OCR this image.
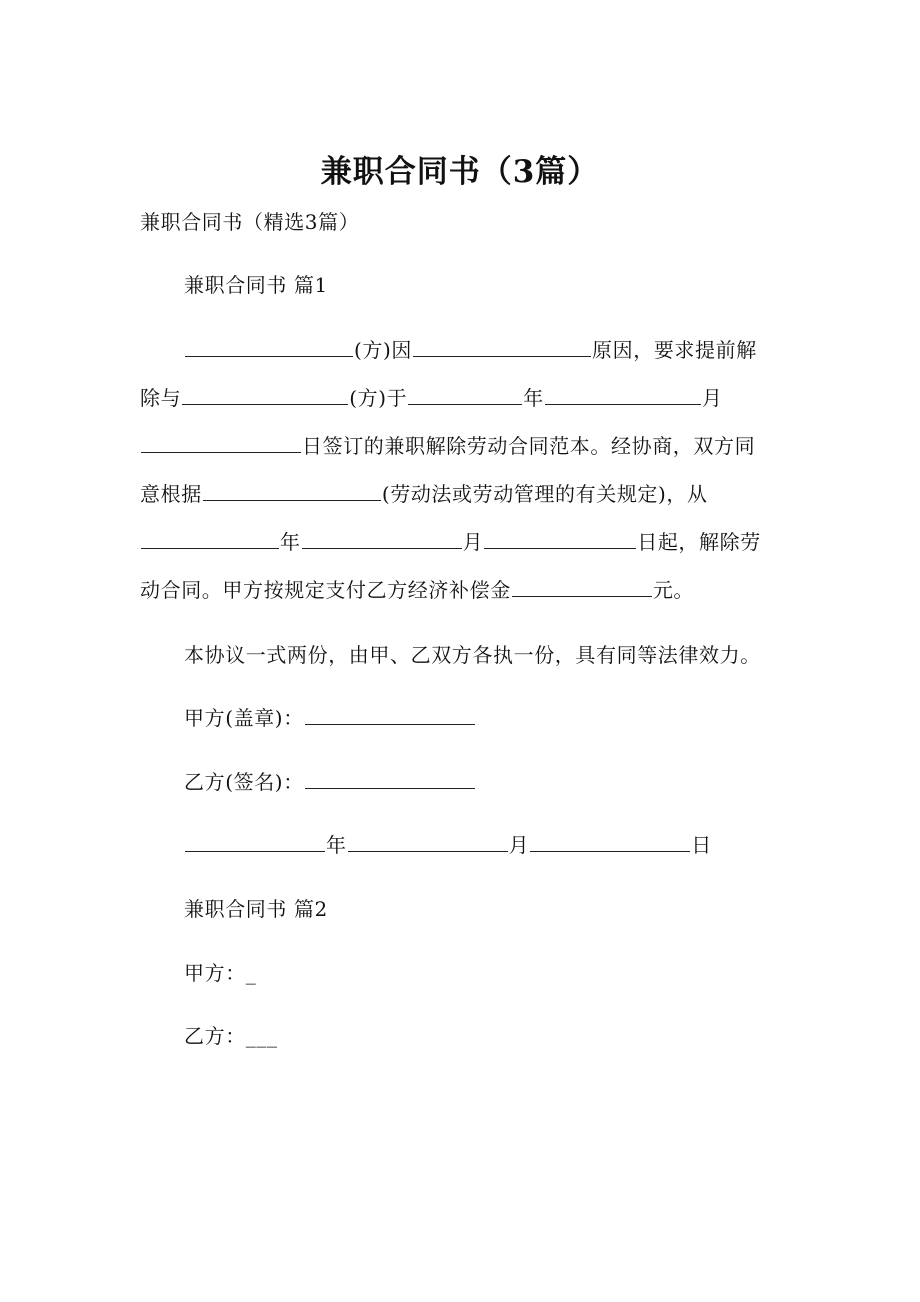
兼职合同书（3篇）
兼职合同书（精选3篇）
兼职合同书 篇1
(方)因	原因，要求提前解
除与	(方)于	年	月
日签订的兼职解除劳动合同范本。经协商，双方同
意根据	(劳动法或劳动管理的有关规定)，从
年	月	日起，解除劳
动合同。甲方按规定支付乙方经济补偿金	元。
本协议一式两份，由甲、乙双方各执一份，具有同等法律效力。
甲方(盖章)：
乙方(签名)：
年	月	日
兼职合同书 篇2
甲方：_
乙方：___
